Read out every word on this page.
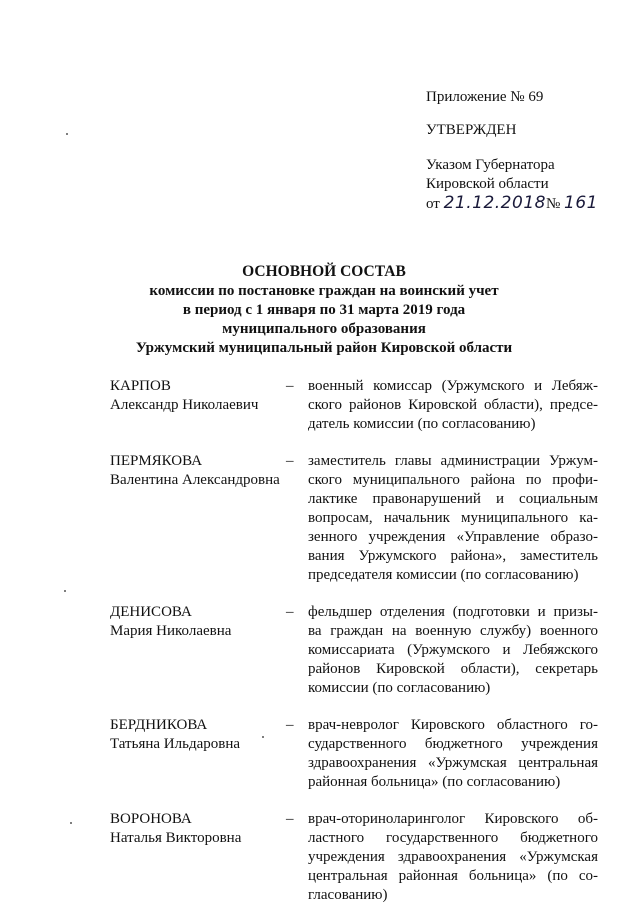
Приложение № 69
УТВЕРЖДЕН
Указом Губернатора
Кировской области
от 21.12.2018№ 161
ОСНОВНОЙ СОСТАВ
комиссии по постановке граждан на воинский учет
в период с 1 января по 31 марта 2019 года
муниципального образования
Уржумский муниципальный район Кировской области
КАРПОВ
Александр Николаевич
– военный комиссар (Уржумского и Лебяж-
ского районов Кировской области), предсе-
датель комиссии (по согласованию)
ПЕРМЯКОВА
Валентина Александровна
– заместитель главы администрации Уржум-
ского муниципального района по профи-
лактике правонарушений и социальным
вопросам, начальник муниципального ка-
зенного учреждения «Управление образо-
вания Уржумского района», заместитель
председателя комиссии (по согласованию)
ДЕНИСОВА
Мария Николаевна
– фельдшер отделения (подготовки и призы-
ва граждан на военную службу) военного
комиссариата (Уржумского и Лебяжского
районов Кировской области), секретарь
комиссии (по согласованию)
БЕРДНИКОВА
Татьяна Ильдаровна
– врач-невролог Кировского областного го-
сударственного бюджетного учреждения
здравоохранения «Уржумская центральная
районная больница» (по согласованию)
ВОРОНОВА
Наталья Викторовна
– врач-оториноларинголог Кировского об-
ластного государственного бюджетного
учреждения здравоохранения «Уржумская
центральная районная больница» (по со-
гласованию)
